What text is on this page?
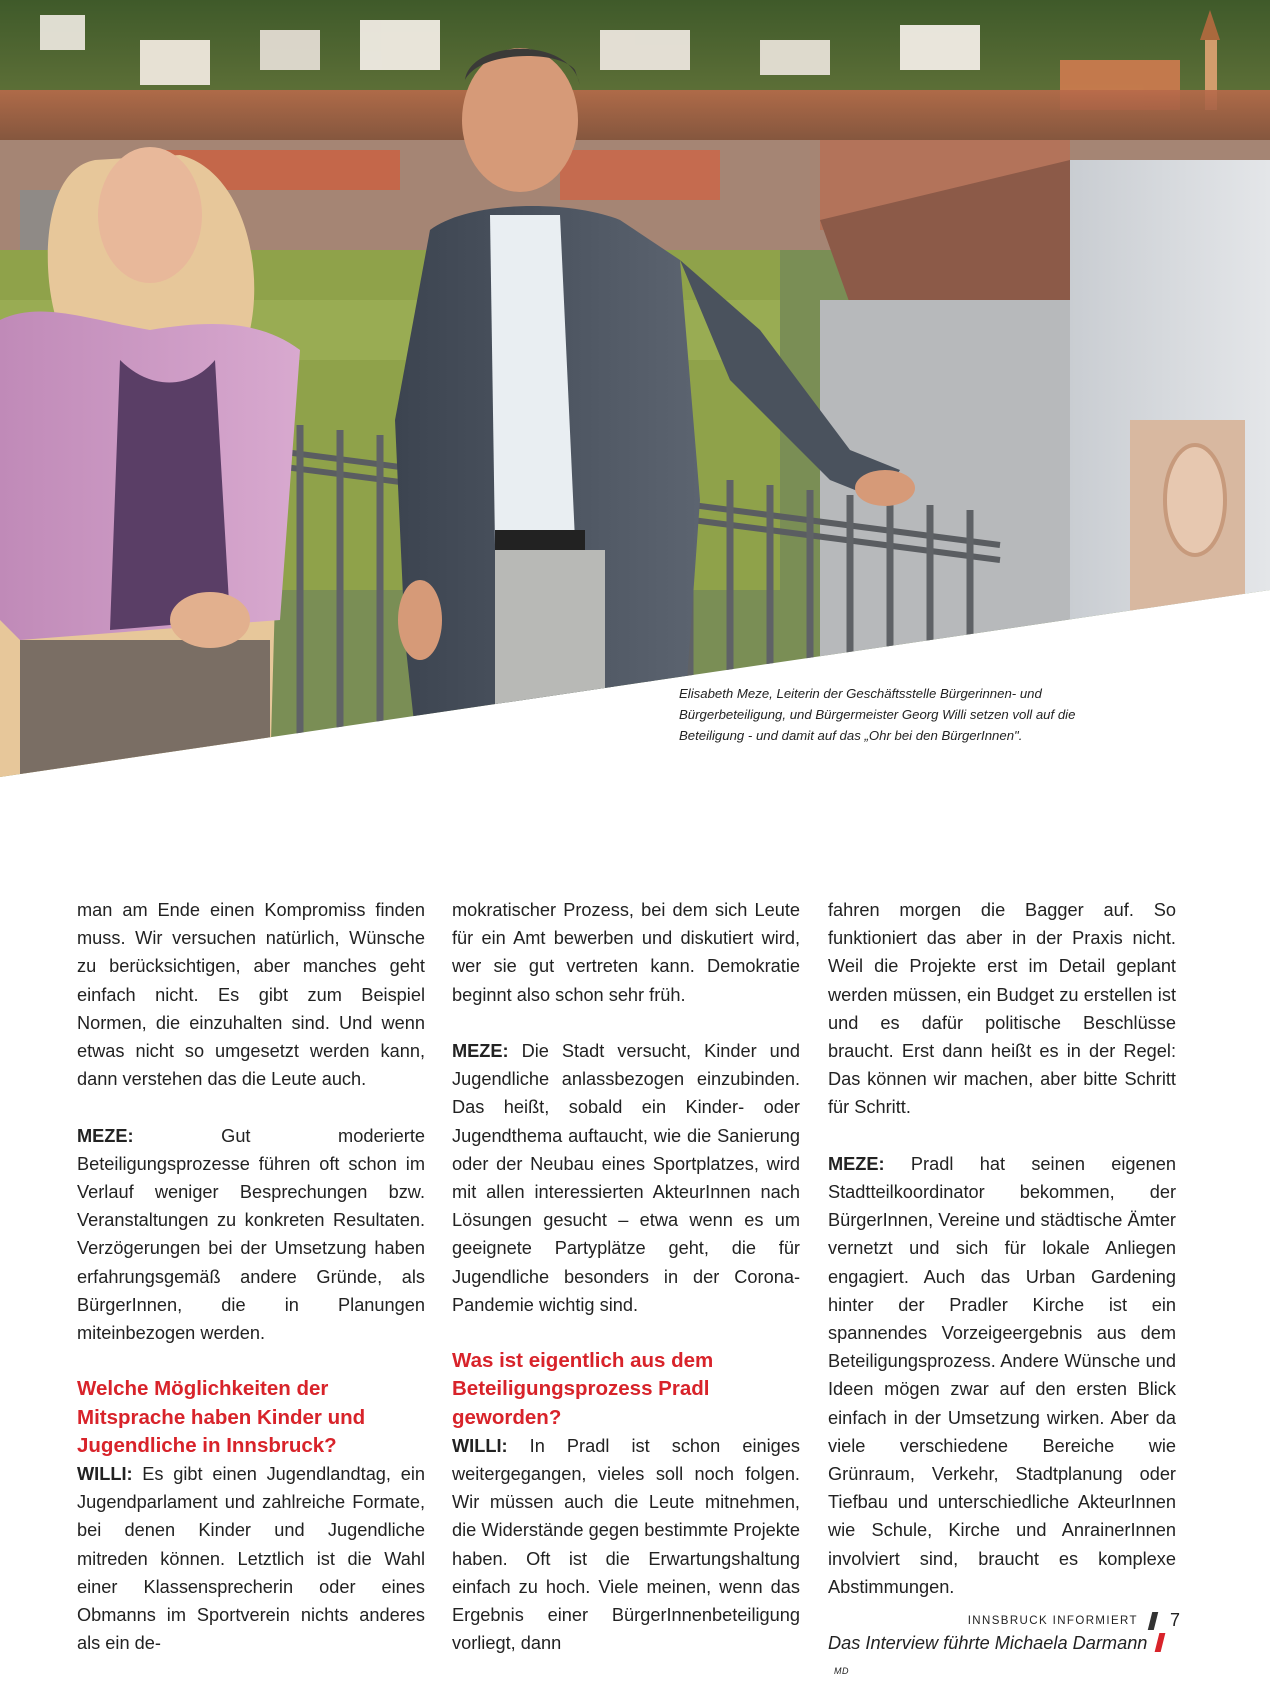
Elisabeth Meze, Leiterin der Geschäftsstelle Bürgerinnen- und Bürgerbeteiligung, und Bürgermeister Georg Willi setzen voll auf die Beteiligung - und damit auf das „Ohr bei den BürgerInnen".

man am Ende einen Kompromiss finden muss. Wir versuchen natürlich, Wünsche zu berücksichtigen, aber manches geht einfach nicht. Es gibt zum Beispiel Normen, die einzuhalten sind. Und wenn etwas nicht so umgesetzt werden kann, dann verstehen das die Leute auch.

MEZE: Gut moderierte Beteiligungsprozesse führen oft schon im Verlauf weniger Besprechungen bzw. Veranstaltungen zu konkreten Resultaten. Verzögerungen bei der Umsetzung haben erfahrungsgemäß andere Gründe, als BürgerInnen, die in Planungen miteinbezogen werden.

Welche Möglichkeiten der Mitsprache haben Kinder und Jugendliche in Innsbruck?

WILLI: Es gibt einen Jugendlandtag, ein Jugendparlament und zahlreiche Formate, bei denen Kinder und Jugendliche mitreden können. Letztlich ist die Wahl einer Klassensprecherin oder eines Obmanns im Sportverein nichts anderes als ein de-

mokratischer Prozess, bei dem sich Leute für ein Amt bewerben und diskutiert wird, wer sie gut vertreten kann. Demokratie beginnt also schon sehr früh.

MEZE: Die Stadt versucht, Kinder und Jugendliche anlassbezogen einzubinden. Das heißt, sobald ein Kinder- oder Jugendthema auftaucht, wie die Sanierung oder der Neubau eines Sportplatzes, wird mit allen interessierten AkteurInnen nach Lösungen gesucht – etwa wenn es um geeignete Partyplätze geht, die für Jugendliche besonders in der Corona-Pandemie wichtig sind.

Was ist eigentlich aus dem Beteiligungsprozess Pradl geworden?

WILLI: In Pradl ist schon einiges weitergegangen, vieles soll noch folgen. Wir müssen auch die Leute mitnehmen, die Widerstände gegen bestimmte Projekte haben. Oft ist die Erwartungshaltung einfach zu hoch. Viele meinen, wenn das Ergebnis einer BürgerInnenbeteiligung vorliegt, dann

fahren morgen die Bagger auf. So funktioniert das aber in der Praxis nicht. Weil die Projekte erst im Detail geplant werden müssen, ein Budget zu erstellen ist und es dafür politische Beschlüsse braucht. Erst dann heißt es in der Regel: Das können wir machen, aber bitte Schritt für Schritt.

MEZE: Pradl hat seinen eigenen Stadtteilkoordinator bekommen, der BürgerInnen, Vereine und städtische Ämter vernetzt und sich für lokale Anliegen engagiert. Auch das Urban Gardening hinter der Pradler Kirche ist ein spannendes Vorzeigeergebnis aus dem Beteiligungsprozess. Andere Wünsche und Ideen mögen zwar auf den ersten Blick einfach in der Umsetzung wirken. Aber da viele verschiedene Bereiche wie Grünraum, Verkehr, Stadtplanung oder Tiefbau und unterschiedliche AkteurInnen wie Schule, Kirche und AnrainerInnen involviert sind, braucht es komplexe Abstimmungen.

Das Interview führte Michaela Darmann$^{MD}$

INNSBRUCK INFORMIERT 7
